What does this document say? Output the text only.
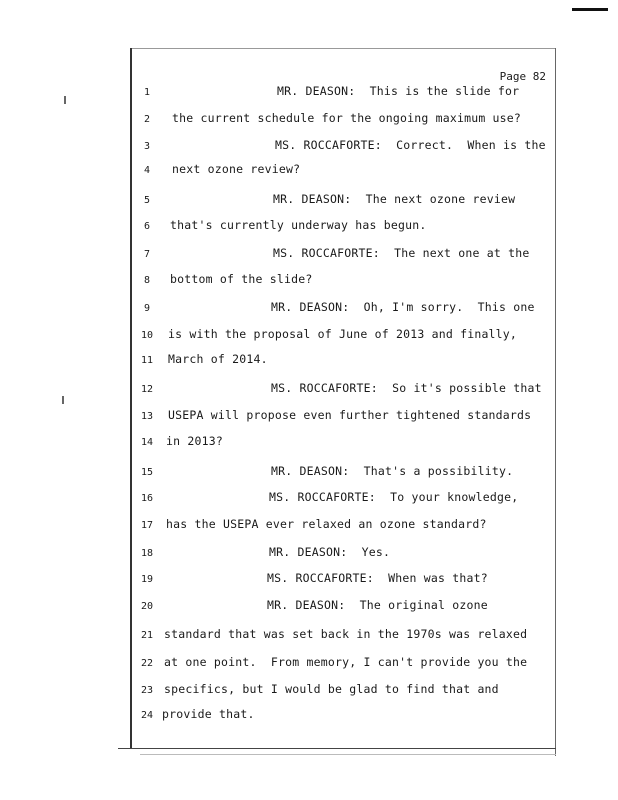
Page 82
1	MR. DEASON:  This is the slide for
2	the current schedule for the ongoing maximum use?
3	MS. ROCCAFORTE:  Correct.  When is the
4	next ozone review?
5	MR. DEASON:  The next ozone review
6	that's currently underway has begun.
7	MS. ROCCAFORTE:  The next one at the
8	bottom of the slide?
9	MR. DEASON:  Oh, I'm sorry.  This one
10	is with the proposal of June of 2013 and finally,
11	March of 2014.
12	MS. ROCCAFORTE:  So it's possible that
13	USEPA will propose even further tightened standards
14	in 2013?
15	MR. DEASON:  That's a possibility.
16	MS. ROCCAFORTE:  To your knowledge,
17	has the USEPA ever relaxed an ozone standard?
18	MR. DEASON:  Yes.
19	MS. ROCCAFORTE:  When was that?
20	MR. DEASON:  The original ozone
21 standard that was set back in the 1970s was relaxed
22 at one point.  From memory, I can't provide you the
23 specifics, but I would be glad to find that and
24 provide that.
